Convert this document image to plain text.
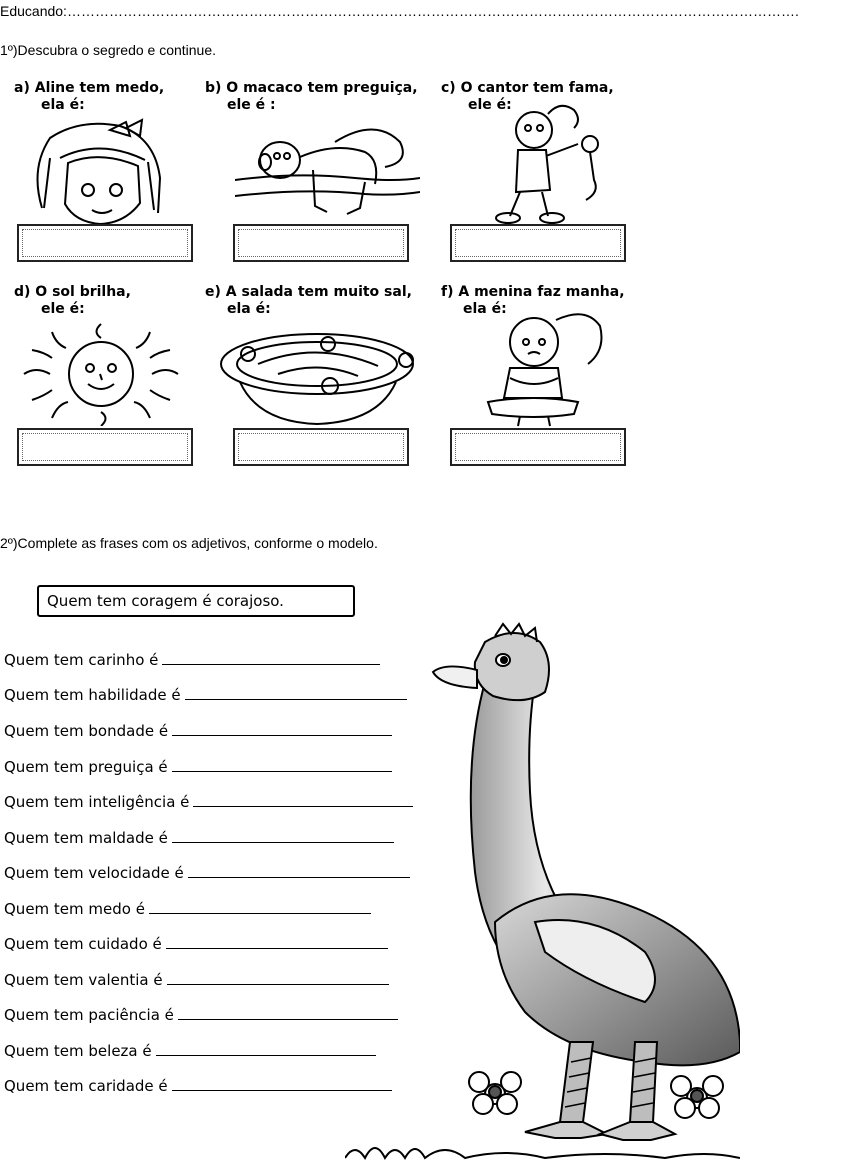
Educando:………………………………………………………………………………………………………………………………………….
1º)Descubra o segredo e continue.
a) Aline tem medo,
ela é:
b) O macaco tem preguiça,
ele é :
c) O cantor tem fama,
ele é:
d) O sol brilha,
ele é:
e) A salada tem muito sal,
ela é:
f) A menina faz manha,
ela é:
2º)Complete as frases com os adjetivos, conforme o modelo.
Quem tem coragem é corajoso.
Quem tem carinho é
Quem tem habilidade é
Quem tem bondade é
Quem tem preguiça é
Quem tem inteligência é
Quem tem maldade é
Quem tem velocidade é
Quem tem medo é
Quem tem cuidado é
Quem tem valentia é
Quem tem paciência é
Quem tem beleza é
Quem tem caridade é
